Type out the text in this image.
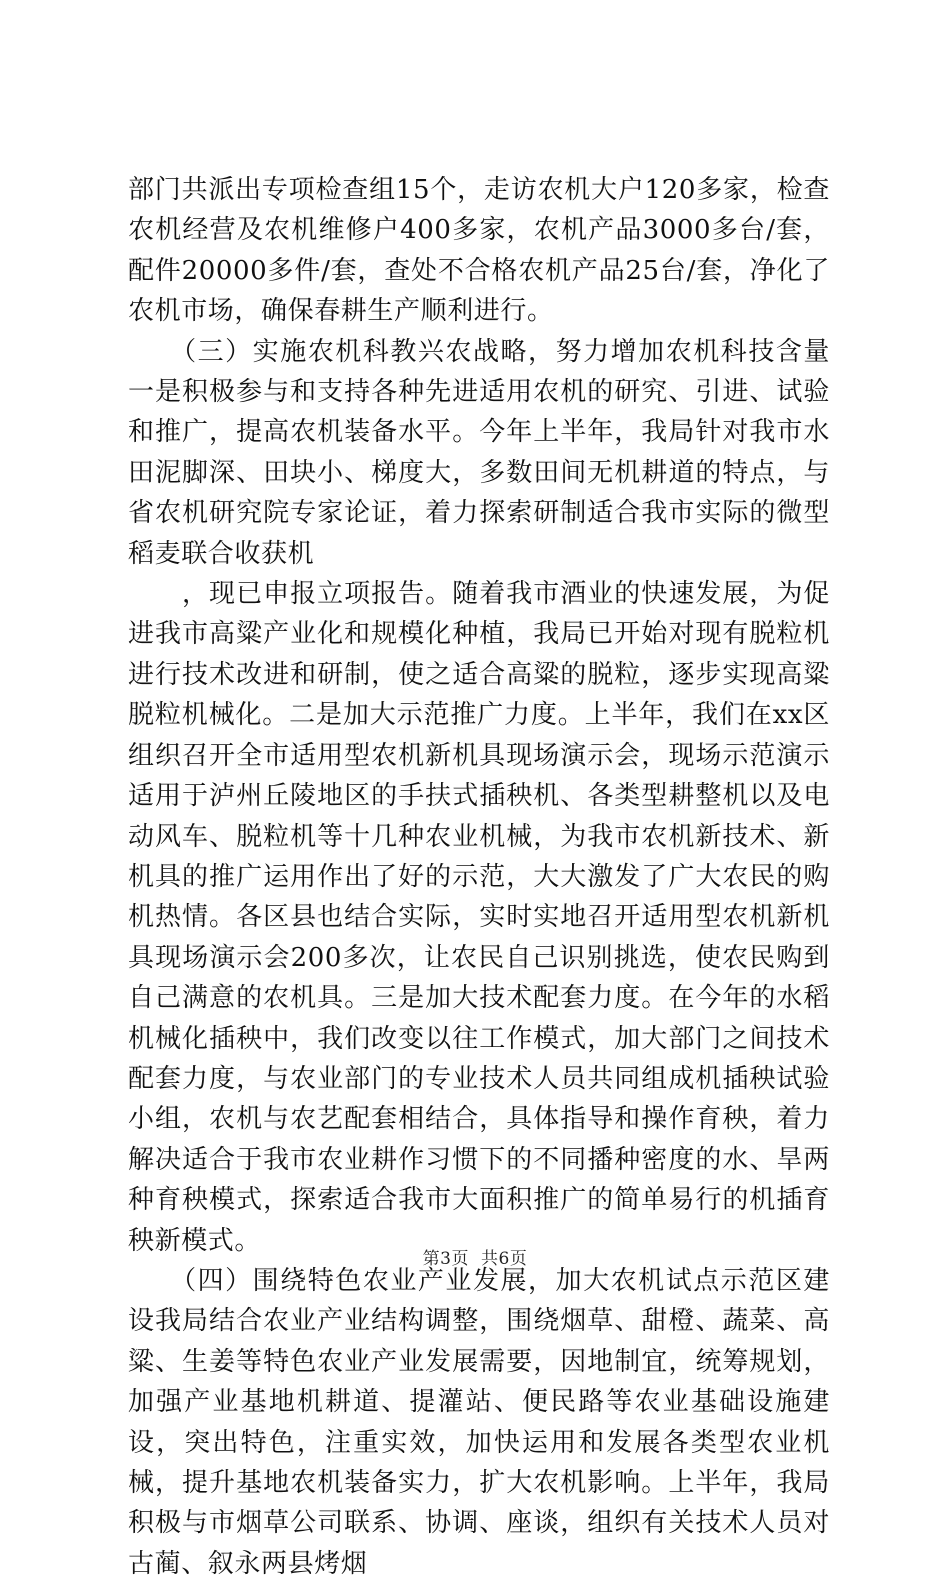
部门共派出专项检查组15个，走访农机大户120多家，检查农机经营及农机维修户400多家，农机产品3000多台/套，配件20000多件/套，查处不合格农机产品25台/套，净化了农机市场，确保春耕生产顺利进行。

　　（三）实施农机科教兴农战略，努力增加农机科技含量一是积极参与和支持各种先进适用农机的研究、引进、试验和推广，提高农机装备水平。今年上半年，我局针对我市水田泥脚深、田块小、梯度大，多数田间无机耕道的特点，与省农机研究院专家论证，着力探索研制适合我市实际的微型稻麦联合收获机

　　，现已申报立项报告。随着我市酒业的快速发展，为促进我市高粱产业化和规模化种植，我局已开始对现有脱粒机进行技术改进和研制，使之适合高粱的脱粒，逐步实现高粱脱粒机械化。二是加大示范推广力度。上半年，我们在xx区组织召开全市适用型农机新机具现场演示会，现场示范演示适用于泸州丘陵地区的手扶式插秧机、各类型耕整机以及电动风车、脱粒机等十几种农业机械，为我市农机新技术、新机具的推广运用作出了好的示范，大大激发了广大农民的购机热情。各区县也结合实际，实时实地召开适用型农机新机具现场演示会200多次，让农民自己识别挑选，使农民购到自己满意的农机具。三是加大技术配套力度。在今年的水稻机械化插秧中，我们改变以往工作模式，加大部门之间技术配套力度，与农业部门的专业技术人员共同组成机插秧试验小组，农机与农艺配套相结合，具体指导和操作育秧，着力解决适合于我市农业耕作习惯下的不同播种密度的水、旱两种育秧模式，探索适合我市大面积推广的简单易行的机插育秧新模式。

　　（四）围绕特色农业产业发展，加大农机试点示范区建设我局结合农业产业结构调整，围绕烟草、甜橙、蔬菜、高粱、生姜等特色农业产业发展需要，因地制宜，统筹规划，加强产业基地机耕道、提灌站、便民路等农业基础设施建设，突出特色，注重实效，加快运用和发展各类型农业机械，提升基地农机装备实力，扩大农机影响。上半年，我局积极与市烟草公司联系、协调、座谈，组织有关技术人员对古蔺、叙永两县烤烟

第3页 共6页
